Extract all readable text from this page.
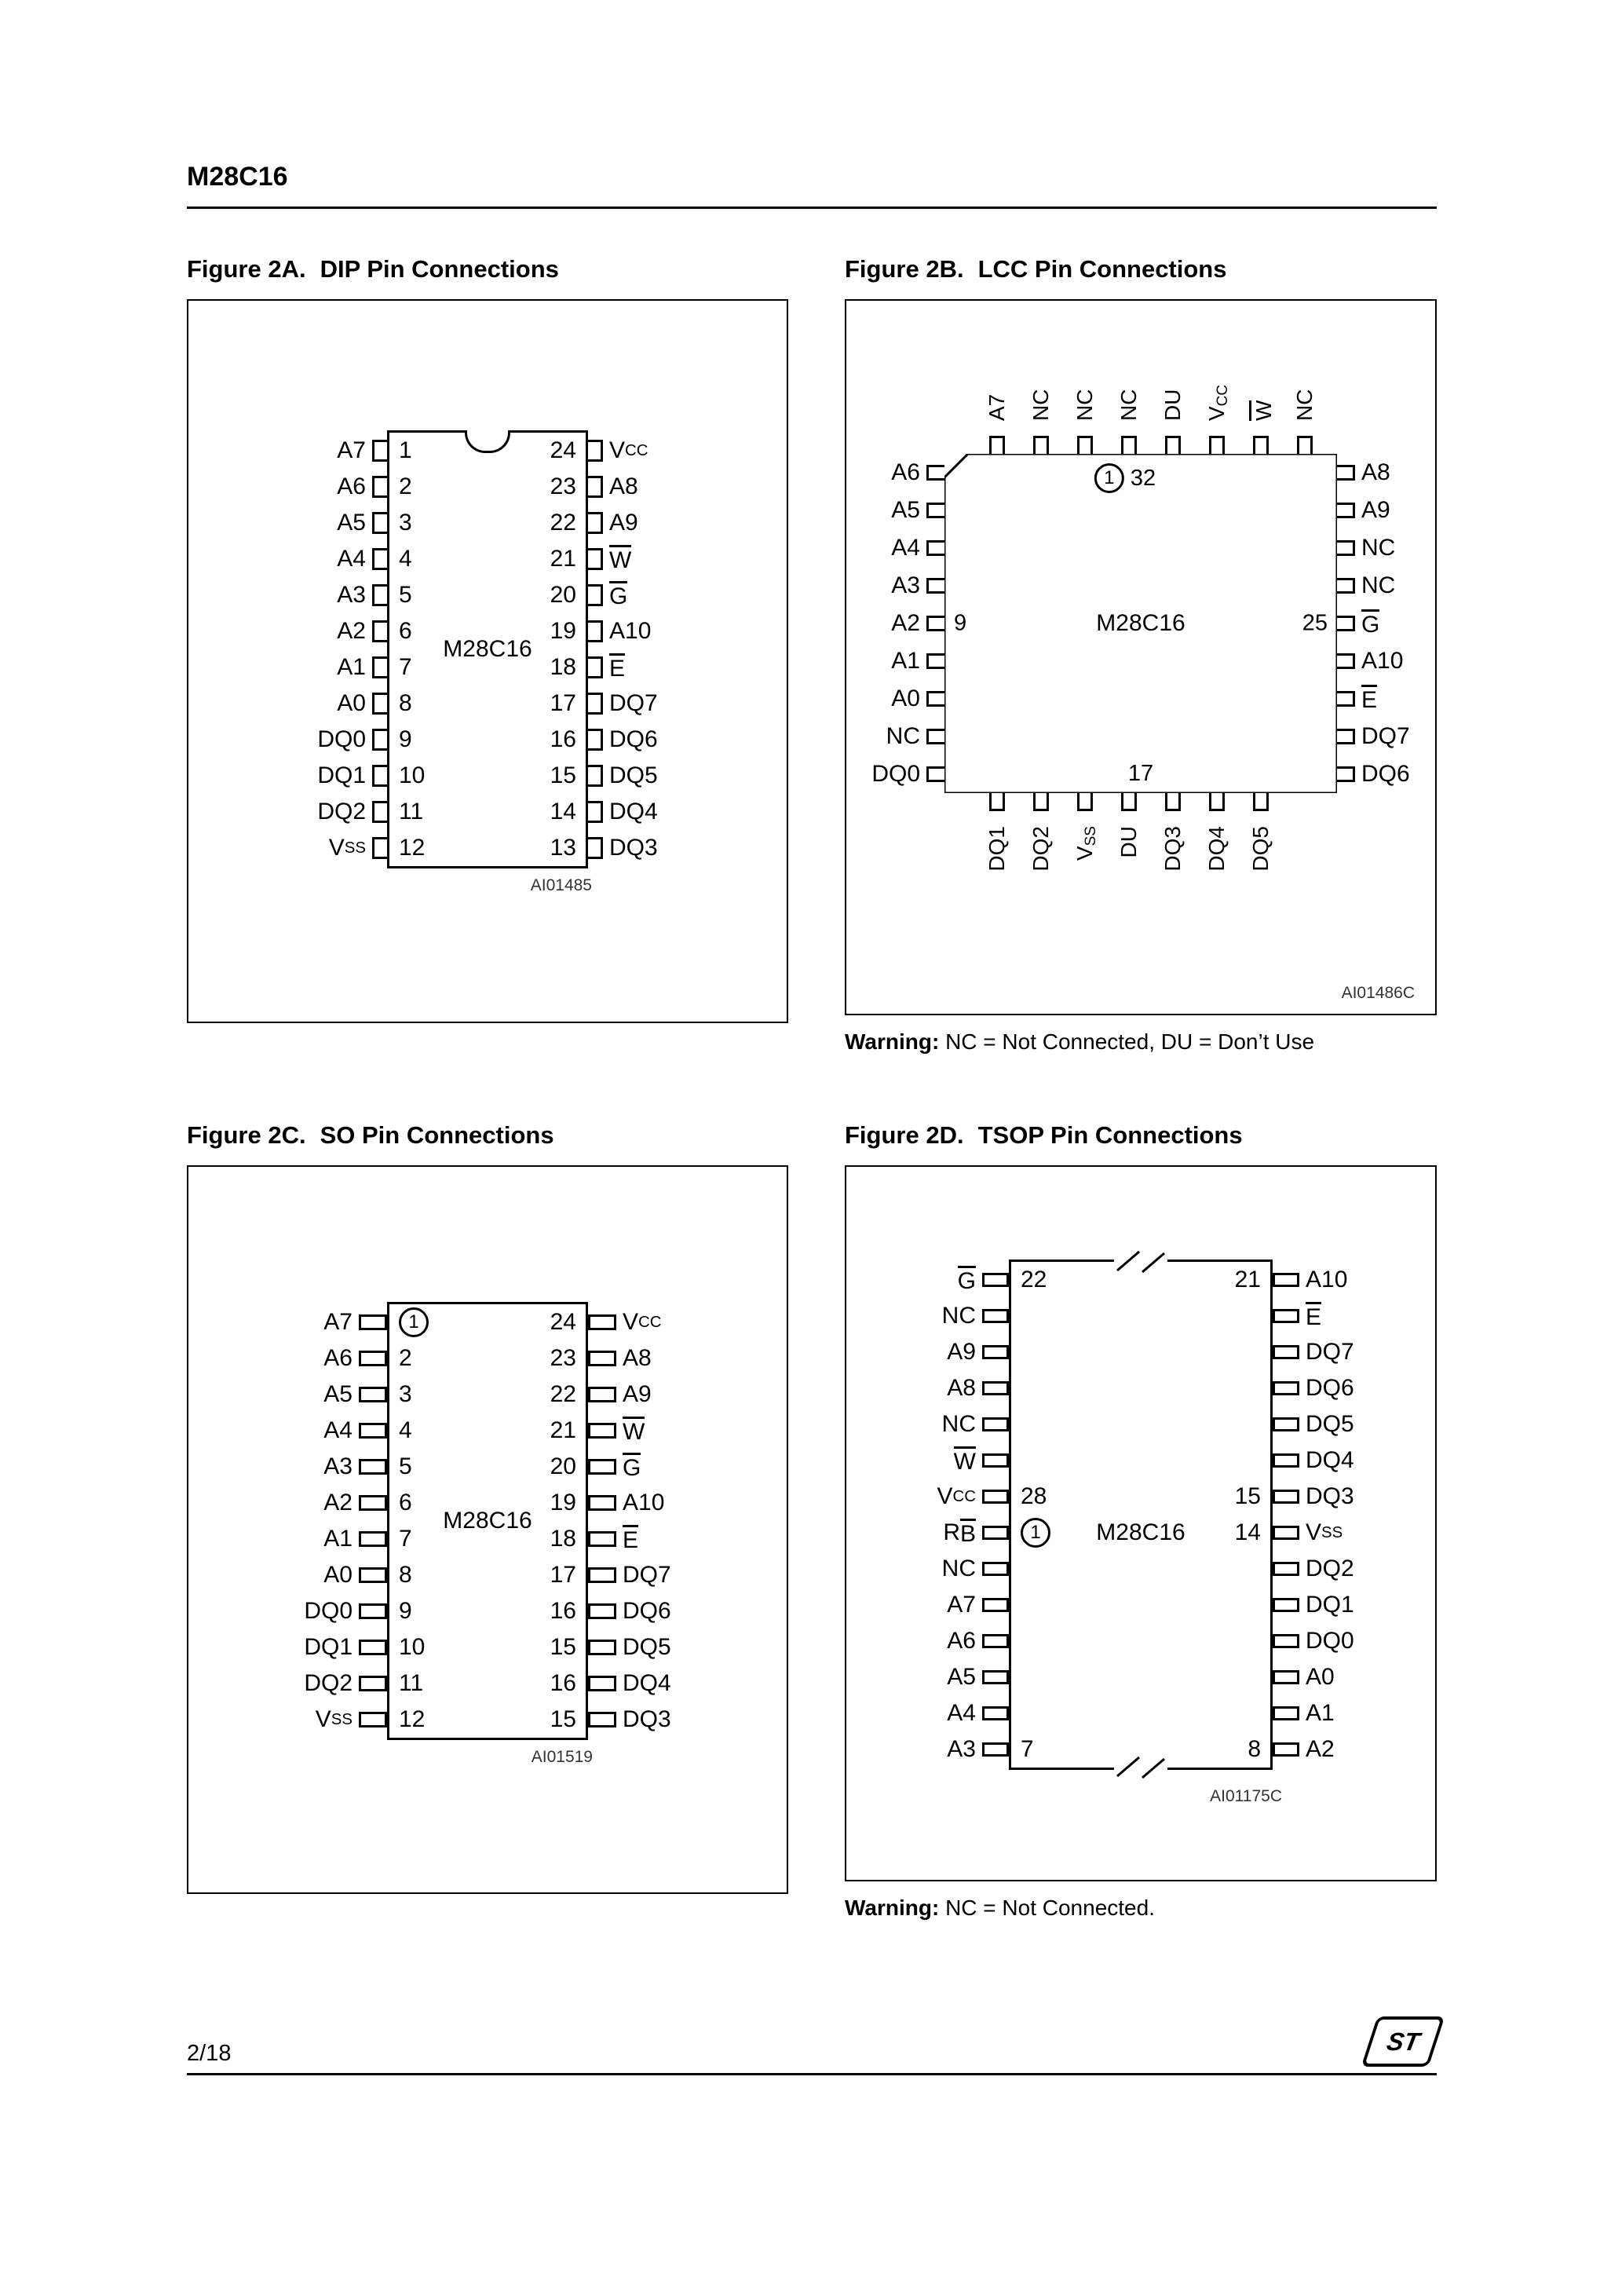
M28C16
Figure 2A. DIP Pin Connections
AI01485
A7
A6
A5
A4
A3
A2
A1
A0
DQ0
DQ1
DQ2
V SS
1
2
3
4
5
6
7
8
9
10
11
12
M28C16
24
23
22
21
20
19
18
17
16
15
14
13
V CC
A8
A9
W
G
A10
E
DQ7
DQ6
DQ5
DQ4
DQ3
Figure 2B. LCC Pin Connections
A7 NC NC NC DU $V_{CC}$
W NC
A6
A5
A4
A3
A2
A1
A0
NC
DQ0
1 32
9	25
17
M28C16
A8
A9
NC
NC
G
A10
E
DQ7
DQ6
DQ1 DQ2 $V_{SS}$ DU DQ3 DQ4 DQ5
AI01486C

Warning: NC = Not Connected, DU = Don’t Use

Figure 2C. SO Pin Connections
AI01519
A7
A6
A5
A4
A3
A2
A1
A0
DQ0
DQ1
DQ2
V SS
1
2
3
4
5
6
7
8
9
10
11
12
M28C16
24
23
22
21
20
19
18
17
16
15
16
15
V CC
A8
A9
W
G
A10
E
DQ7
DQ6
DQ5
DQ4
DQ3
Figure 2D. TSOP Pin Connections
AI01175C
G
NC
A9
A8
NC
W
V CC
R B
NC
A7
A6
A5
A4
A3
22
28
1
7
M28C16
21
15
14
8
A10
E
DQ7
DQ6
DQ5
DQ4
DQ3
V SS
DQ2
DQ1
DQ0
A0
A1
A2

Warning: NC = Not Connected.

2/18	ST
